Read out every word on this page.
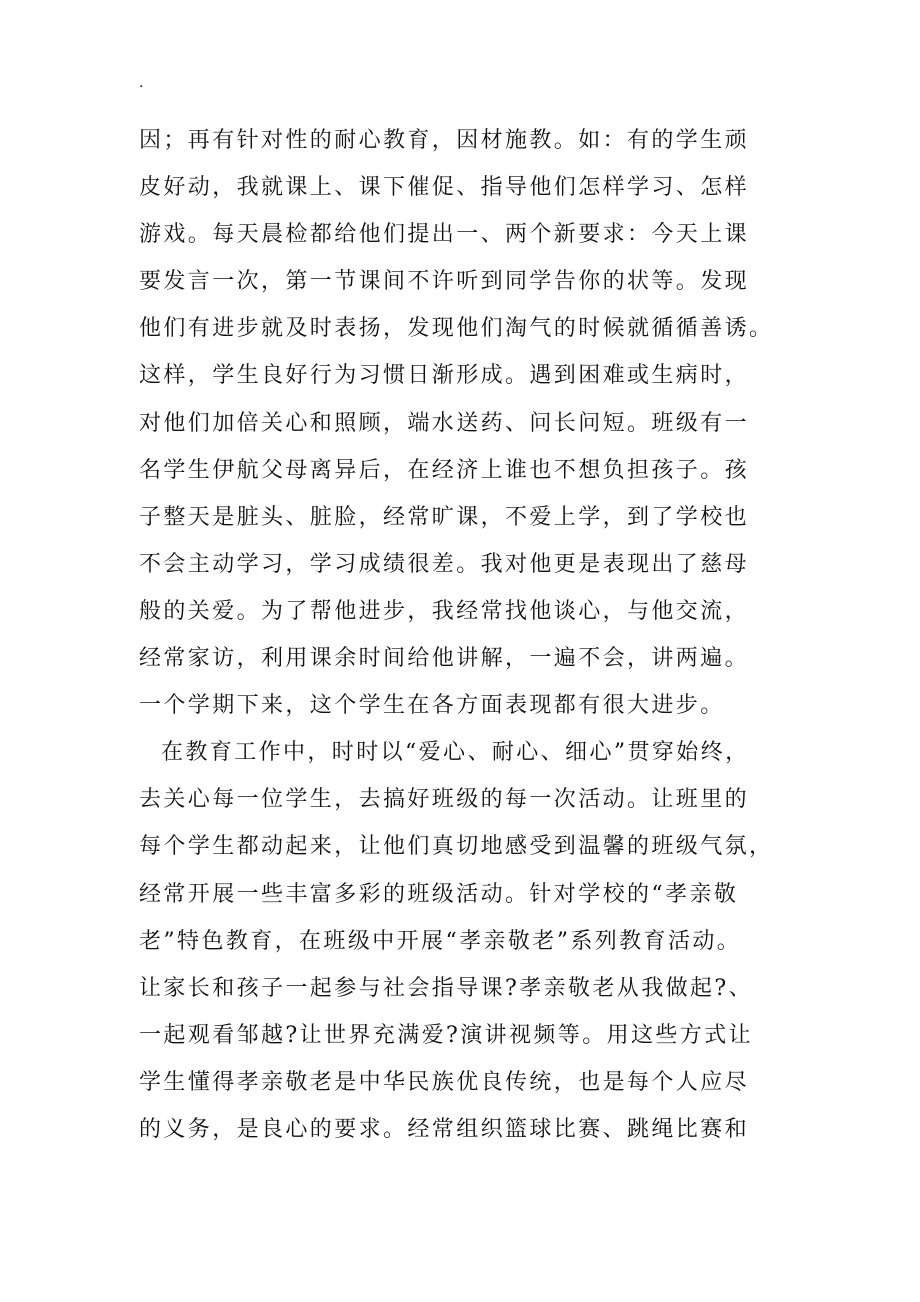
.
因；再有针对性的耐心教育，因材施教。如：有的学生顽
皮好动，我就课上、课下催促、指导他们怎样学习、怎样
游戏。每天晨检都给他们提出一、两个新要求：今天上课
要发言一次，第一节课间不许听到同学告你的状等。发现
他们有进步就及时表扬，发现他们淘气的时候就循循善诱。
这样，学生良好行为习惯日渐形成。遇到困难或生病时，
对他们加倍关心和照顾，端水送药、问长问短。班级有一
名学生伊航父母离异后，在经济上谁也不想负担孩子。孩
子整天是脏头、脏脸，经常旷课，不爱上学，到了学校也
不会主动学习，学习成绩很差。我对他更是表现出了慈母
般的关爱。为了帮他进步，我经常找他谈心，与他交流，
经常家访，利用课余时间给他讲解，一遍不会，讲两遍。
一个学期下来，这个学生在各方面表现都有很大进步。
在教育工作中，时时以“爱心、耐心、细心”贯穿始终，
去关心每一位学生，去搞好班级的每一次活动。让班里的
每个学生都动起来，让他们真切地感受到温馨的班级气氛，
经常开展一些丰富多彩的班级活动。针对学校的“孝亲敬
老”特色教育，在班级中开展“孝亲敬老”系列教育活动。
让家长和孩子一起参与社会指导课?孝亲敬老从我做起?、
一起观看邹越?让世界充满爱?演讲视频等。用这些方式让
学生懂得孝亲敬老是中华民族优良传统，也是每个人应尽
的义务，是良心的要求。经常组织篮球比赛、跳绳比赛和
